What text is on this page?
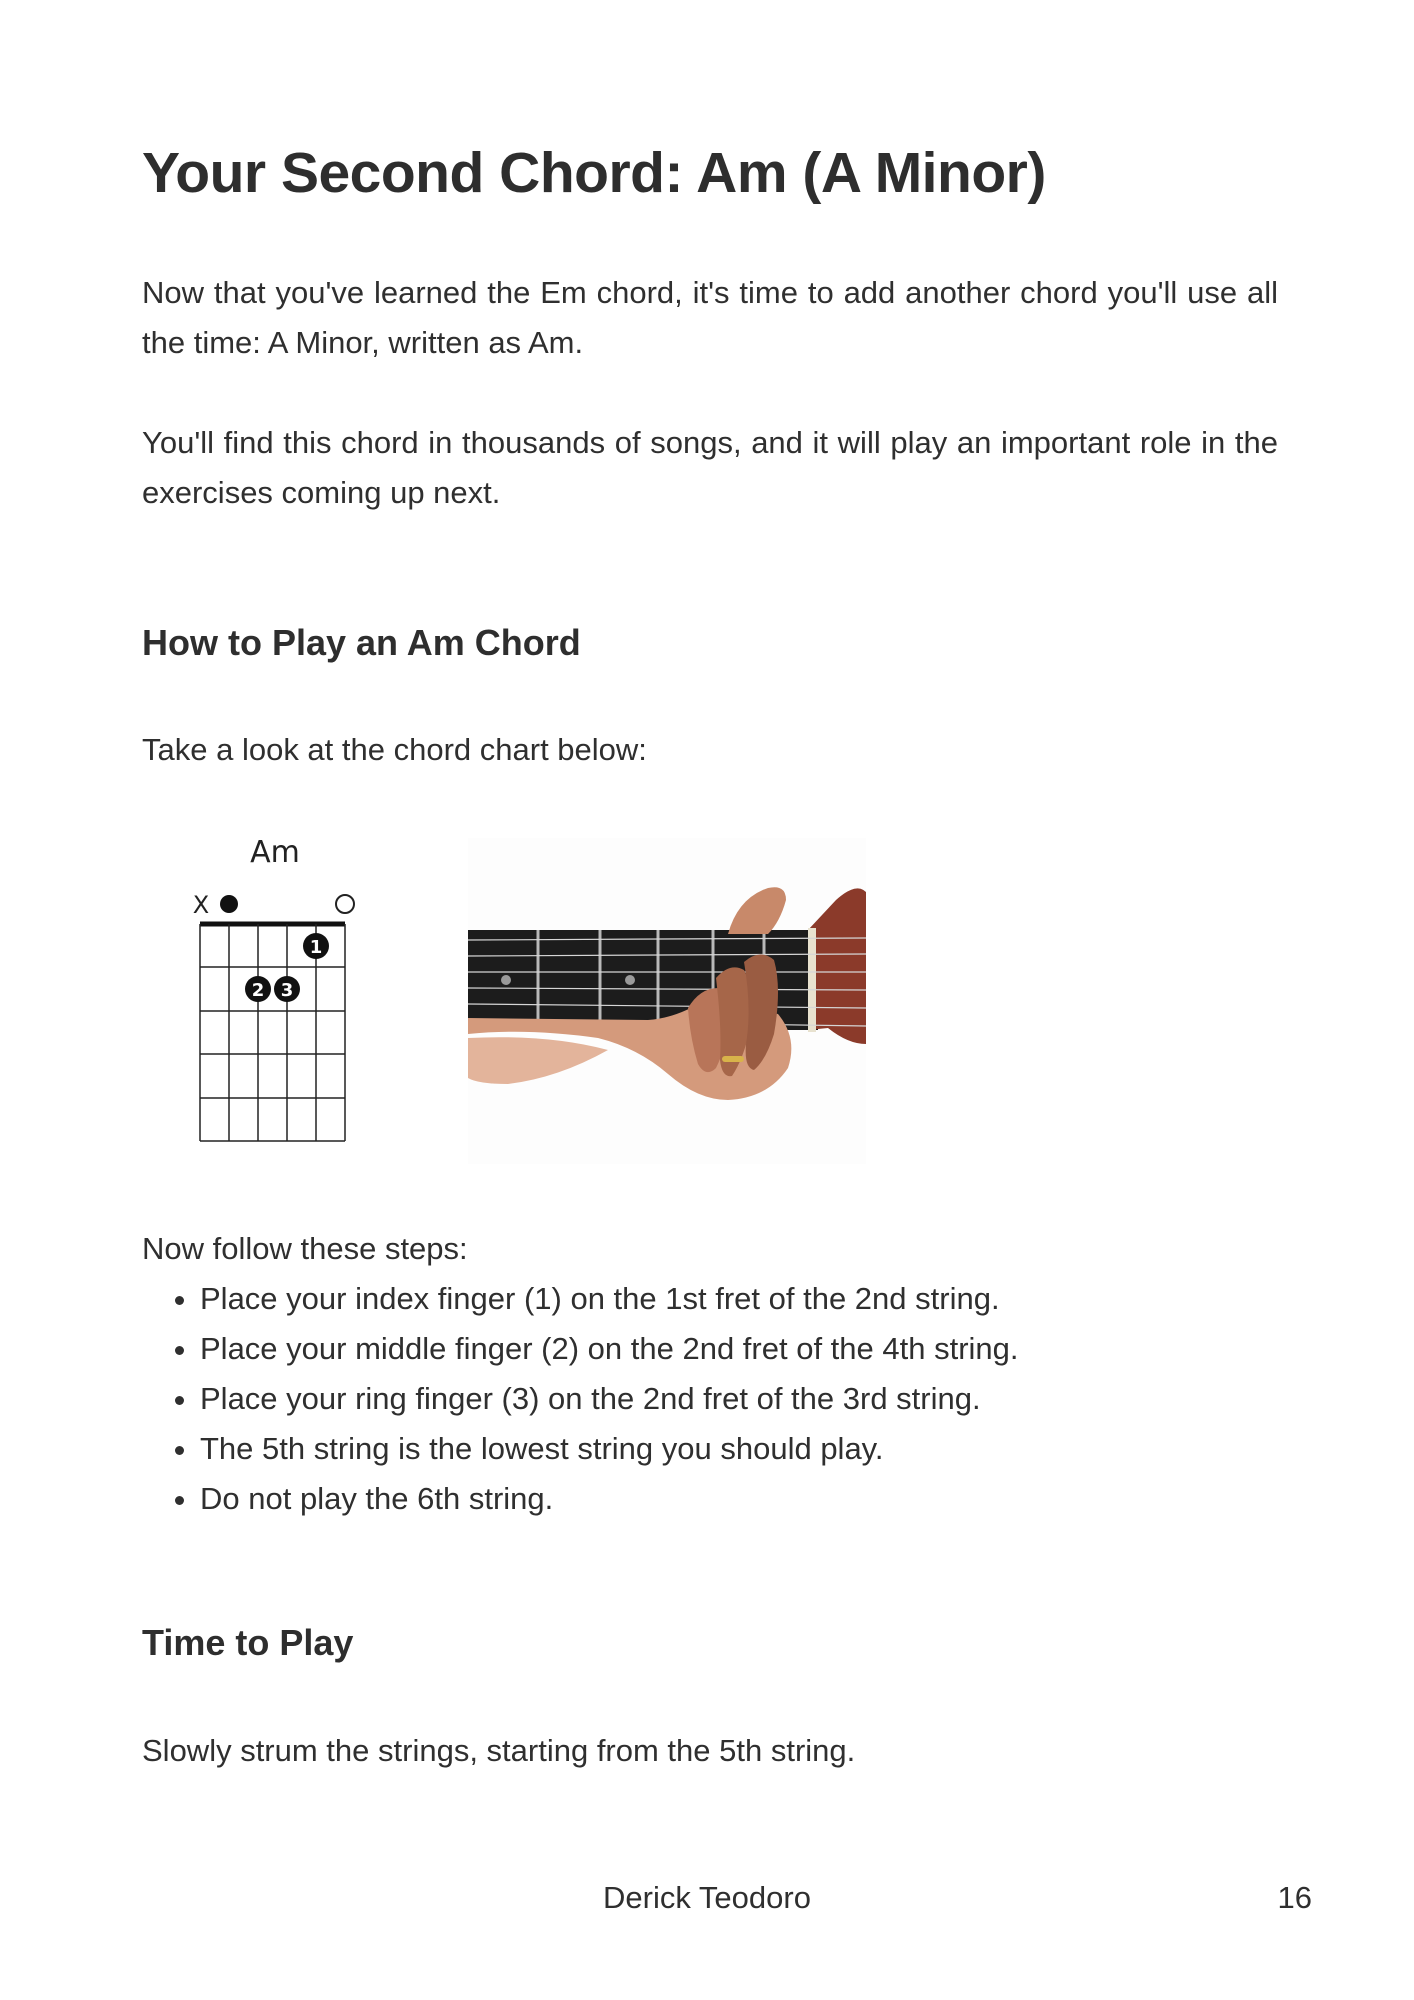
Your Second Chord: Am (A Minor)

Now that you've learned the Em chord, it's time to add another chord you'll use all the time: A Minor, written as Am.

You'll find this chord in thousands of songs, and it will play an important role in the exercises coming up next.

How to Play an Am Chord

Take a look at the chord chart below:

Am
X
1
2 3
Now follow these steps:
• Place your index finger (1) on the 1st fret of the 2nd string.
• Place your middle finger (2) on the 2nd fret of the 4th string.
• Place your ring finger (3) on the 2nd fret of the 3rd string.
• The 5th string is the lowest string you should play.
• Do not play the 6th string.
Time to Play

Slowly strum the strings, starting from the 5th string.

Derick Teodoro	16
